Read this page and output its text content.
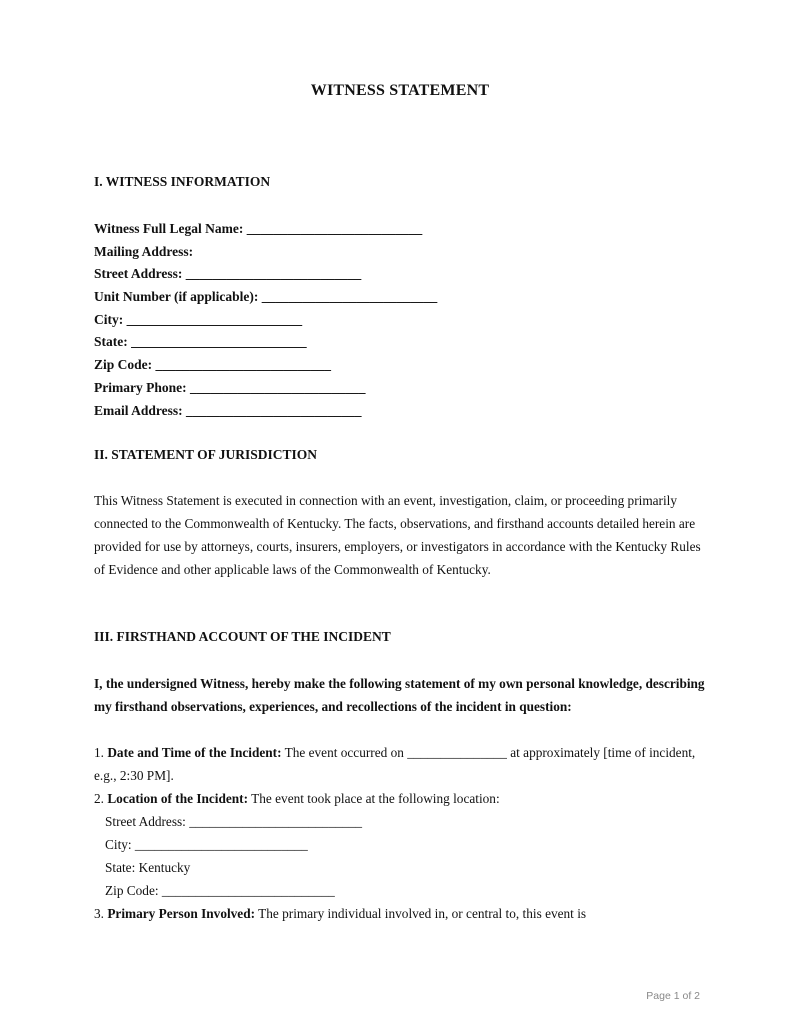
WITNESS STATEMENT
I. WITNESS INFORMATION
Witness Full Legal Name: __________________________
Mailing Address:
Street Address: __________________________
Unit Number (if applicable): __________________________
City: __________________________
State: __________________________
Zip Code: __________________________
Primary Phone: __________________________
Email Address: __________________________
II. STATEMENT OF JURISDICTION
This Witness Statement is executed in connection with an event, investigation, claim, or proceeding primarily connected to the Commonwealth of Kentucky. The facts, observations, and firsthand accounts detailed herein are provided for use by attorneys, courts, insurers, employers, or investigators in accordance with the Kentucky Rules of Evidence and other applicable laws of the Commonwealth of Kentucky.
III. FIRSTHAND ACCOUNT OF THE INCIDENT
I, the undersigned Witness, hereby make the following statement of my own personal knowledge, describing my firsthand observations, experiences, and recollections of the incident in question:
1. Date and Time of the Incident: The event occurred on _______________ at approximately [time of incident, e.g., 2:30 PM].
2. Location of the Incident: The event took place at the following location:
Street Address: __________________________
City: __________________________
State: Kentucky
Zip Code: __________________________
3. Primary Person Involved: The primary individual involved in, or central to, this event is
Page 1 of 2
